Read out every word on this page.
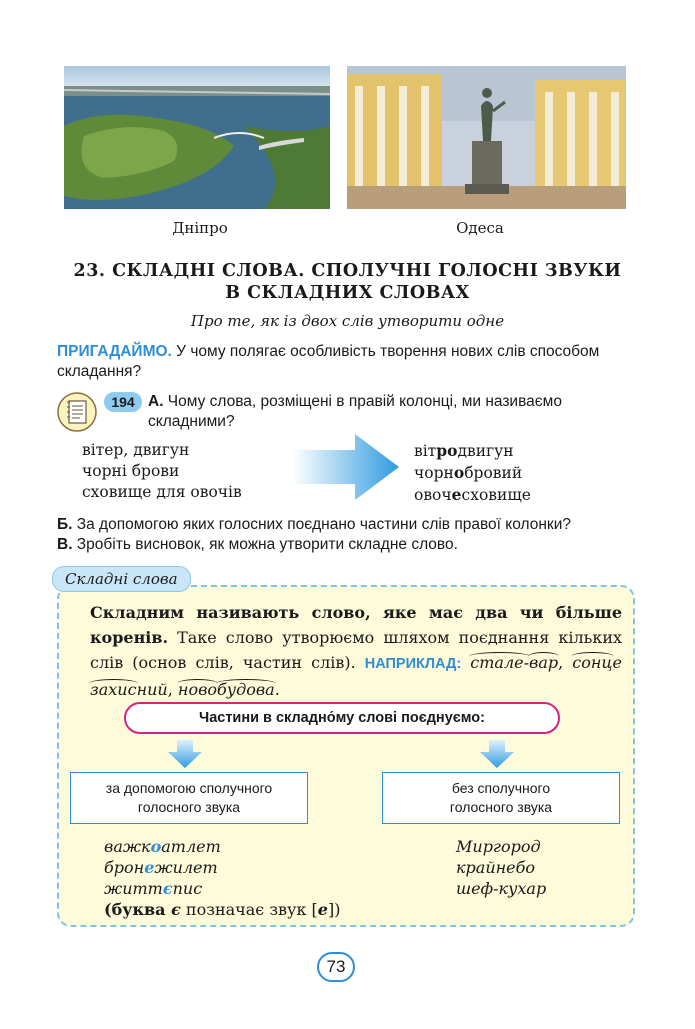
Дніпро	Одеса
23. СКЛАДНІ СЛОВА. СПОЛУЧНІ ГОЛОСНІ ЗВУКИ
В СКЛАДНИХ СЛОВАХ
Про те, як із двох слів утворити одне
ПРИГАДАЙМО. У чому полягає особливість творення нових слів способом складання?
194 А. Чому слова, розміщені в правій колонці, ми називаємо складними?
вітер, двигун
чорні брови
сховище для овочів
вітродвигун
чорнобровий
овочесховище
Б. За допомогою яких голосних поєднано частини слів правої колонки?
В. Зробіть висновок, як можна утворити складне слово.
Складні слова
Складним називають слово, яке має два чи більше коренів. Таке слово утворюємо шляхом поєднання кільких слів (основ слів, частин слів). НАПРИКЛАД: стале-вар, сонцезахисний, новобудова.
Частини в складно́му слові поєднуємо:
за допомогою сполучного
голосного звука
без сполучного
голосного звука
важкоатлет
бронежилет
життєпис
(буква є позначає звук [е])
Миргород
крайнебо
шеф-кухар
73
